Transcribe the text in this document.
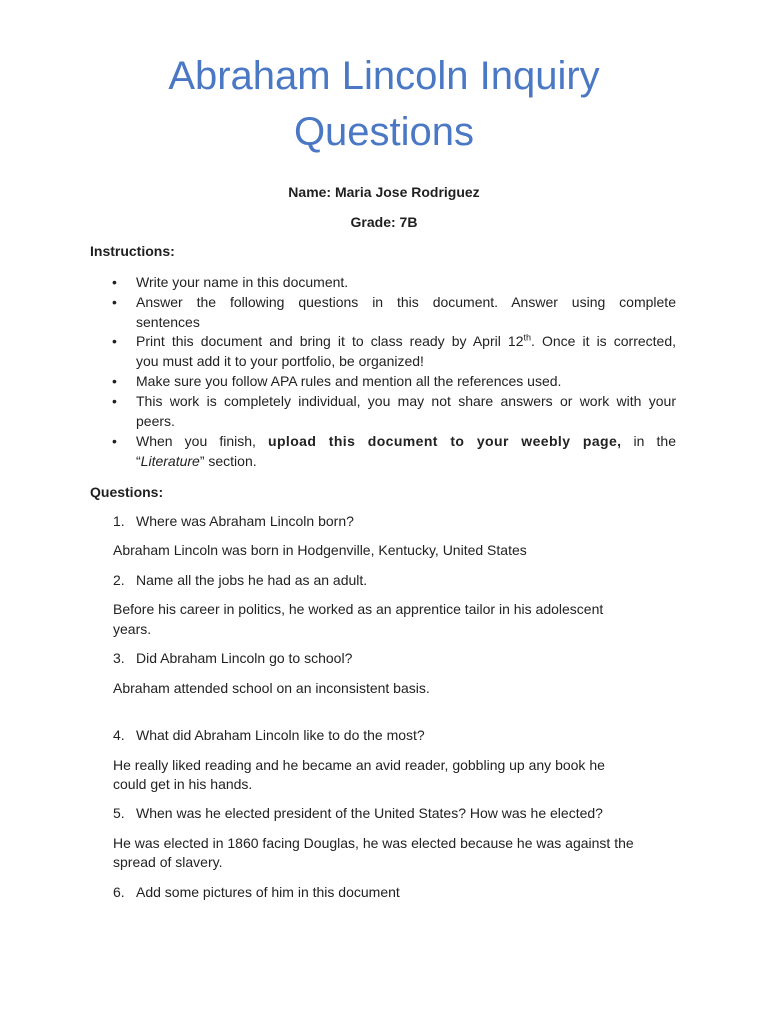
Abraham Lincoln Inquiry
Questions
Name: Maria Jose Rodriguez
Grade: 7B
Instructions:
• Write your name in this document.
• Answer the following questions in this document. Answer using complete
sentences
• Print this document and bring it to class ready by April 12th. Once it is corrected,
you must add it to your portfolio, be organized!
• Make sure you follow APA rules and mention all the references used.
• This work is completely individual, you may not share answers or work with your
peers.
• When you finish, upload this document to your weebly page, in the
“Literature” section.
Questions:
1. Where was Abraham Lincoln born?
Abraham Lincoln was born in Hodgenville, Kentucky, United States
2. Name all the jobs he had as an adult.
Before his career in politics, he worked as an apprentice tailor in his adolescent
years.
3. Did Abraham Lincoln go to school?
Abraham attended school on an inconsistent basis.
4. What did Abraham Lincoln like to do the most?
He really liked reading and he became an avid reader, gobbling up any book he
could get in his hands.
5. When was he elected president of the United States? How was he elected?
He was elected in 1860 facing Douglas, he was elected because he was against the
spread of slavery.
6. Add some pictures of him in this document
